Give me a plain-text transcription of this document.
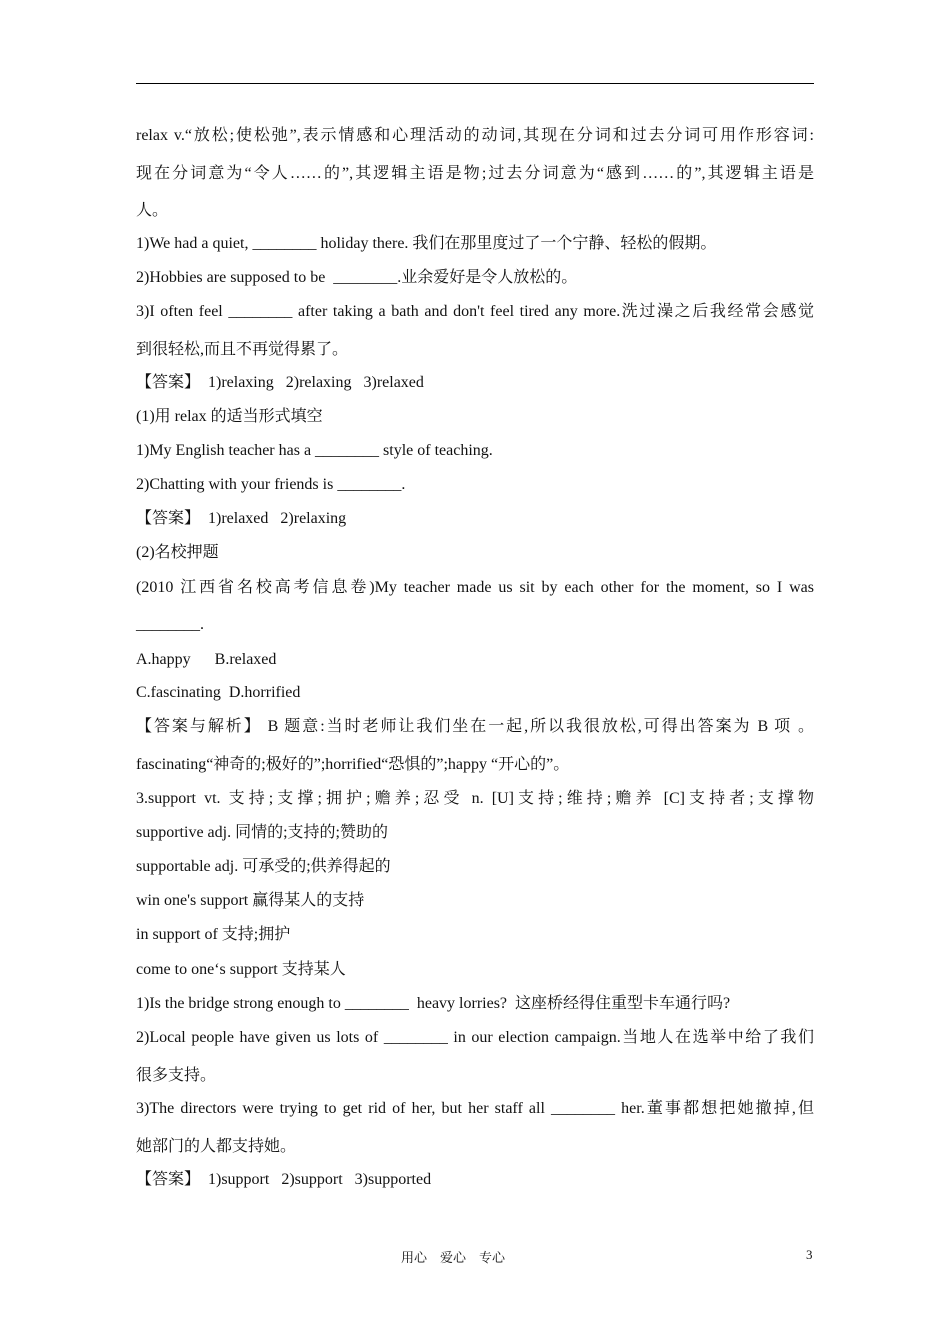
relax v.“放松;使松弛”,表示情感和心理活动的动词,其现在分词和过去分词可用作形容词:
现在分词意为“令人……的”,其逻辑主语是物;过去分词意为“感到……的”,其逻辑主语是
人。
1)We had a quiet, ________ holiday there. 我们在那里度过了一个宁静、轻松的假期。
2)Hobbies are supposed to be  ________.业余爱好是令人放松的。
3)I often feel ________ after taking a bath and don't feel tired any more.洗过澡之后我经常会感觉
到很轻松,而且不再觉得累了。
【答案】  1)relaxing   2)relaxing   3)relaxed
(1)用 relax 的适当形式填空
1)My English teacher has a ________ style of teaching.
2)Chatting with your friends is ________.
【答案】  1)relaxed   2)relaxing
(2)名校押题
(2010 江西省名校高考信息卷)My teacher made us sit by each other for the moment, so I was
________.
A.happy      B.relaxed
C.fascinating  D.horrified
【答案与解析】 B 题意:当时老师让我们坐在一起,所以我很放松,可得出答案为 B 项 。
fascinating“神奇的;极好的”;horrified“恐惧的”;happy “开心的”。
3.support vt. 支持;支撑;拥护;赡养;忍受 n. [U]支持;维持;赡养 [C]支持者;支撑物
supportive adj. 同情的;支持的;赞助的
supportable adj. 可承受的;供养得起的
win one's support 赢得某人的支持
in support of 支持;拥护
come to one‘s support 支持某人
1)Is the bridge strong enough to ________  heavy lorries?  这座桥经得住重型卡车通行吗?
2)Local people have given us lots of ________ in our election campaign.当地人在选举中给了我们
很多支持。
3)The directors were trying to get rid of her, but her staff all ________ her.董事都想把她撤掉,但
她部门的人都支持她。
【答案】  1)support   2)support   3)supported
用心    爱心    专心	3
